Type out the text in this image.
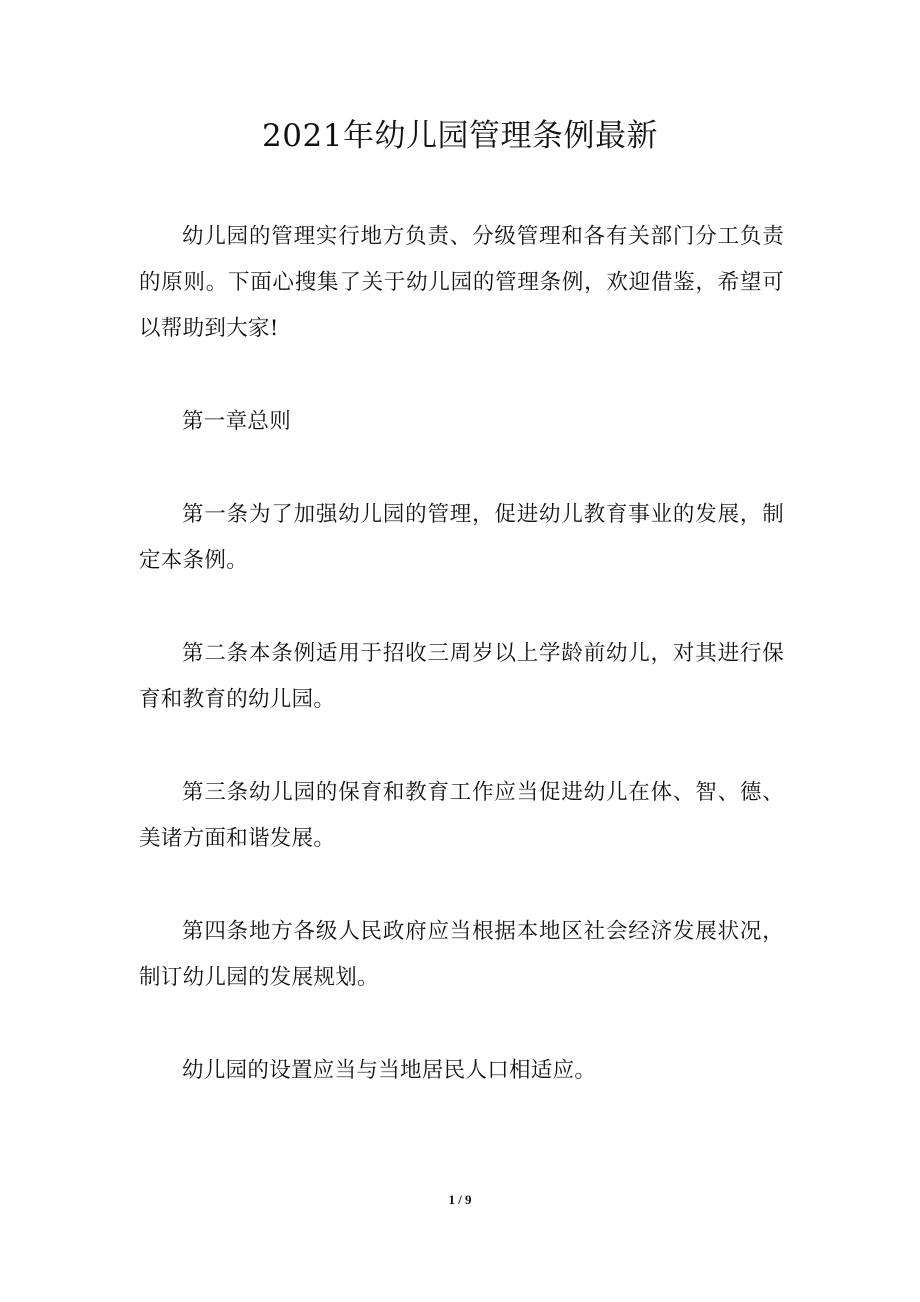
2021年幼儿园管理条例最新

幼儿园的管理实行地方负责、分级管理和各有关部门分工负责的原则。下面心搜集了关于幼儿园的管理条例，欢迎借鉴，希望可以帮助到大家!

第一章总则

第一条为了加强幼儿园的管理，促进幼儿教育事业的发展，制定本条例。

第二条本条例适用于招收三周岁以上学龄前幼儿，对其进行保育和教育的幼儿园。

第三条幼儿园的保育和教育工作应当促进幼儿在体、智、德、美诸方面和谐发展。

第四条地方各级人民政府应当根据本地区社会经济发展状况，制订幼儿园的发展规划。

幼儿园的设置应当与当地居民人口相适应。

1 / 9
